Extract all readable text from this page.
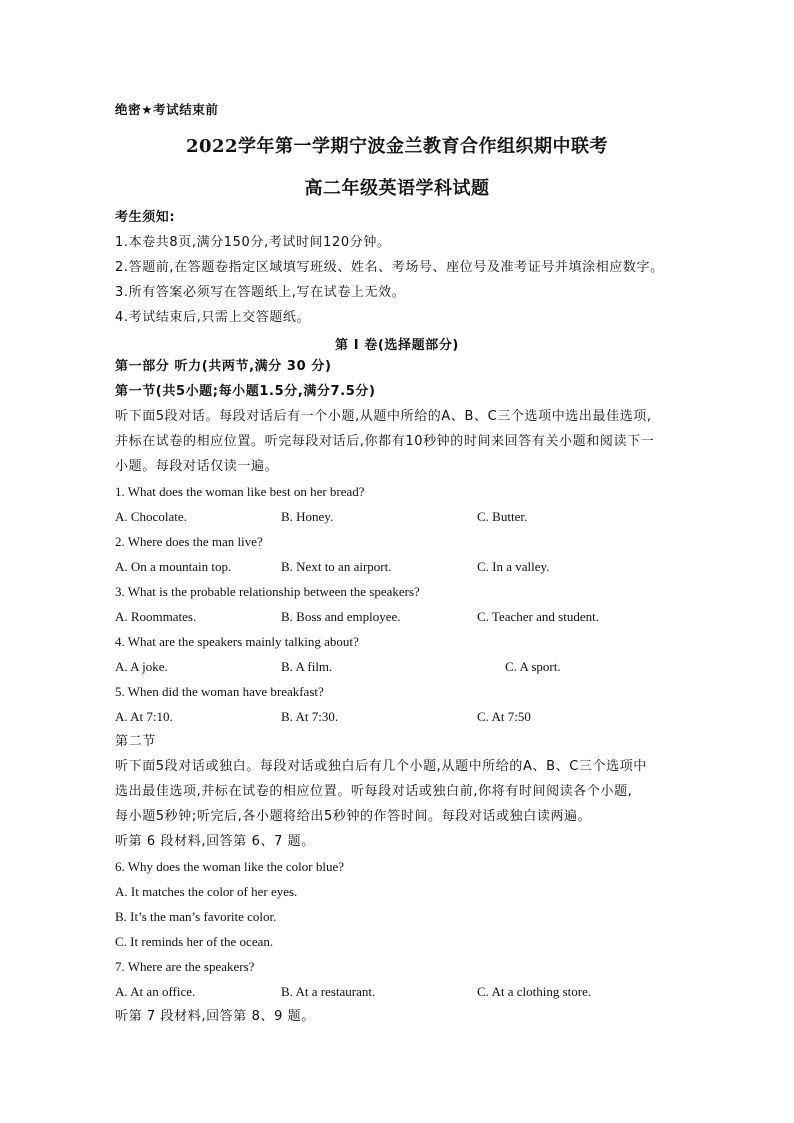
绝密★考试结束前
2022学年第一学期宁波金兰教育合作组织期中联考
高二年级英语学科试题
考生须知:
1.本卷共8页,满分150分,考试时间120分钟。
2.答题前,在答题卷指定区域填写班级、姓名、考场号、座位号及准考证号并填涂相应数字。
3.所有答案必须写在答题纸上,写在试卷上无效。
4.考试结束后,只需上交答题纸。
第 I 卷(选择题部分)
第一部分 听力(共两节,满分 30 分)
第一节(共5小题;每小题1.5分,满分7.5分)
听下面5段对话。每段对话后有一个小题,从题中所给的A、B、C三个选项中选出最佳选项,
并标在试卷的相应位置。听完每段对话后,你都有10秒钟的时间来回答有关小题和阅读下一
小题。每段对话仅读一遍。
1. What does the woman like best on her bread?
A. Chocolate.	B. Honey.	C. Butter.
2. Where does the man live?
A. On a mountain top.	B. Next to an airport.	C. In a valley.
3. What is the probable relationship between the speakers?
A. Roommates.	B. Boss and employee.	C. Teacher and student.
4. What are the speakers mainly talking about?
A. A joke.	B. A film.	C. A sport.
5. When did the woman have breakfast?
A. At 7:10.	B. At 7:30.	C. At 7:50
第二节
听下面5段对话或独白。每段对话或独白后有几个小题,从题中所给的A、B、C三个选项中
选出最佳选项,并标在试卷的相应位置。听每段对话或独白前,你将有时间阅读各个小题,
每小题5秒钟;听完后,各小题将给出5秒钟的作答时间。每段对话或独白读两遍。
听第 6 段材料,回答第 6、7 题。
6. Why does the woman like the color blue?
A. It matches the color of her eyes.
B. It’s the man’s favorite color.
C. It reminds her of the ocean.
7. Where are the speakers?
A. At an office.	B. At a restaurant.	C. At a clothing store.
听第 7 段材料,回答第 8、9 题。
